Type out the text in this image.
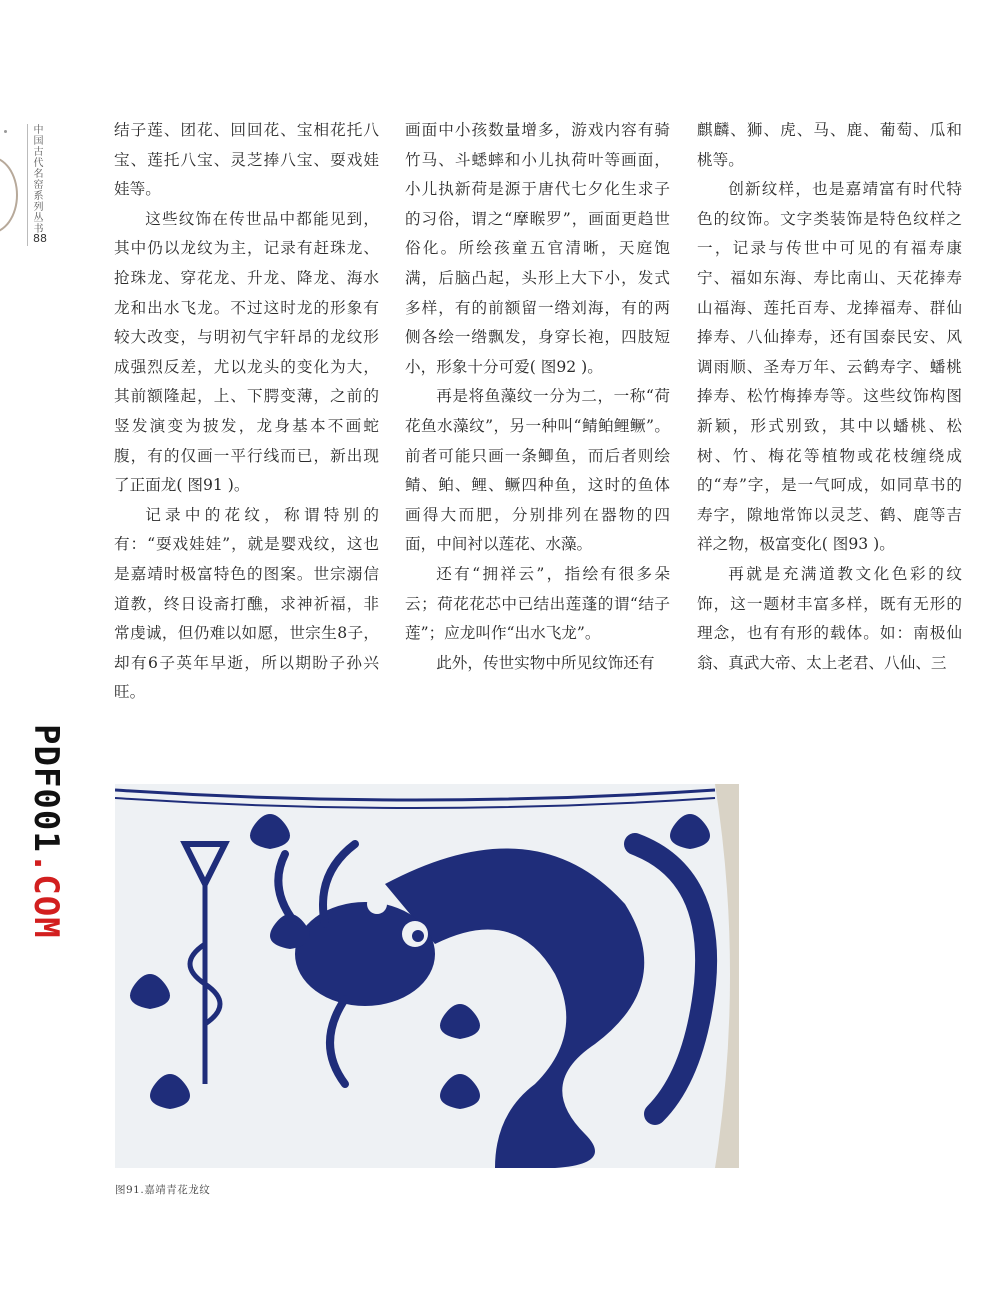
中国古代名窑系列丛书
88

结子莲、团花、回回花、宝相花托八宝、莲托八宝、灵芝捧八宝、耍戏娃娃等。

这些纹饰在传世品中都能见到，其中仍以龙纹为主，记录有赶珠龙、抢珠龙、穿花龙、升龙、降龙、海水龙和出水飞龙。不过这时龙的形象有较大改变，与明初气宇轩昂的龙纹形成强烈反差，尤以龙头的变化为大，其前额隆起，上、下腭变薄，之前的竖发演变为披发，龙身基本不画蛇腹，有的仅画一平行线而已，新出现了正面龙( 图91 )。

记录中的花纹，称谓特别的有：“耍戏娃娃”，就是婴戏纹，这也是嘉靖时极富特色的图案。世宗溺信道教，终日设斋打醮，求神祈福，非常虔诚，但仍难以如愿，世宗生8子，却有6子英年早逝，所以期盼子孙兴旺。

画面中小孩数量增多，游戏内容有骑竹马、斗蟋蟀和小儿执荷叶等画面，小儿执新荷是源于唐代七夕化生求子的习俗，谓之“摩睺罗”，画面更趋世俗化。所绘孩童五官清晰，天庭饱满，后脑凸起，头形上大下小，发式多样，有的前额留一绺刘海，有的两侧各绘一绺飘发，身穿长袍，四肢短小，形象十分可爱( 图92 )。

再是将鱼藻纹一分为二，一称“荷花鱼水藻纹”，另一种叫“鲭鲌鲤鳜”。前者可能只画一条鲫鱼，而后者则绘鲭、鲌、鲤、鳜四种鱼，这时的鱼体画得大而肥，分别排列在器物的四面，中间衬以莲花、水藻。

还有“拥祥云”，指绘有很多朵云；荷花花芯中已结出莲蓬的谓“结子莲”；应龙叫作“出水飞龙”。

此外，传世实物中所见纹饰还有

麒麟、狮、虎、马、鹿、葡萄、瓜和桃等。

创新纹样，也是嘉靖富有时代特色的纹饰。文字类装饰是特色纹样之一，记录与传世中可见的有福寿康宁、福如东海、寿比南山、天花捧寿山福海、莲托百寿、龙捧福寿、群仙捧寿、八仙捧寿，还有国泰民安、风调雨顺、圣寿万年、云鹤寿字、蟠桃捧寿、松竹梅捧寿等。这些纹饰构图新颖，形式别致，其中以蟠桃、松树、竹、梅花等植物或花枝缠绕成的“寿”字，是一气呵成，如同草书的寿字，隙地常饰以灵芝、鹤、鹿等吉祥之物，极富变化( 图93 )。

再就是充满道教文化色彩的纹饰，这一题材丰富多样，既有无形的理念，也有有形的载体。如：南极仙翁、真武大帝、太上老君、八仙、三

PDF001.COM
图91.嘉靖青花龙纹
